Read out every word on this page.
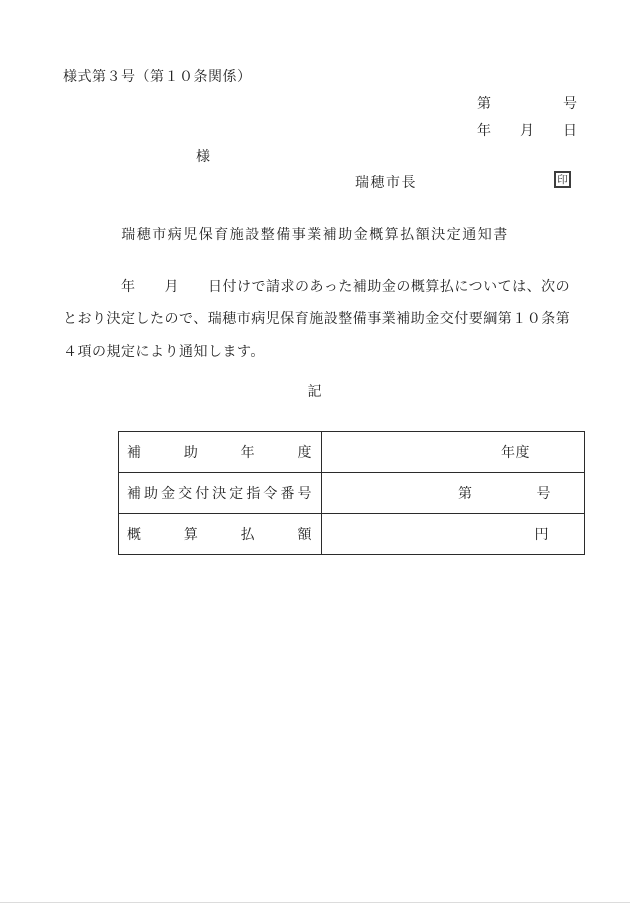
様式第３号（第１０条関係）
第	号
年 月 日
様
瑞穂市長	印
瑞穂市病児保育施設整備事業補助金概算払額決定通知書
　　　　年　　月　　日付けで請求のあった補助金の概算払については、次の
とおり決定したので、瑞穂市病児保育施設整備事業補助金交付要綱第１０条第
４項の規定により通知します。
記
補助年度	年度
補助金交付決定指令番号	第 号

概算払額	円
